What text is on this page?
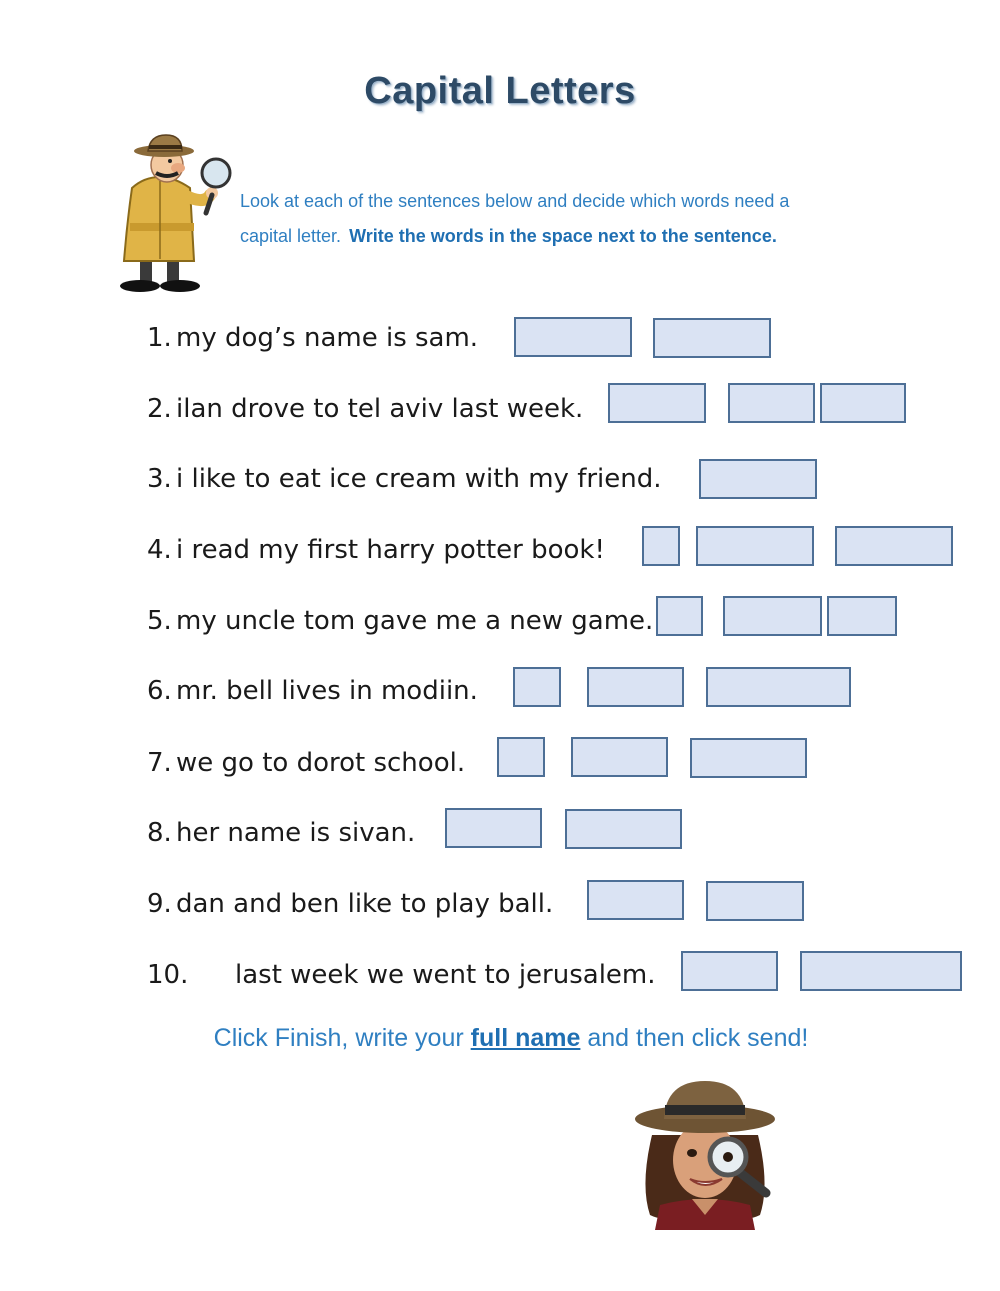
Capital Letters
Look at each of the sentences below and decide which words need a
capital letter. Write the words in the space next to the sentence.
1. my dog’s name is sam.
2. ilan drove to tel aviv last week.
3. i like to eat ice cream with my friend.
4. i read my first harry potter book!
5. my uncle tom gave me a new game.
6. mr. bell lives in modiin.
7. we go to dorot school.
8. her name is sivan.
9. dan and ben like to play ball.
10. last week we went to jerusalem.
Click Finish, write your full name and then click send!
